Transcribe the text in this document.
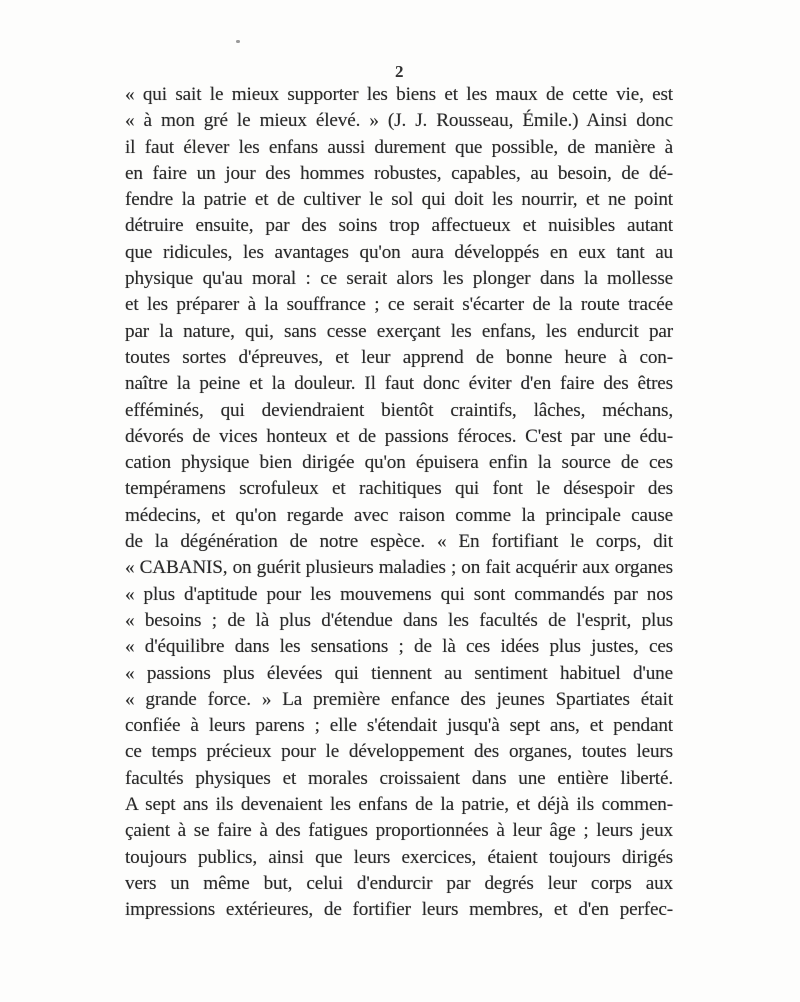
2
« qui sait le mieux supporter les biens et les maux de cette vie, est
« à mon gré le mieux élevé. » (J. J. Rousseau, Émile.) Ainsi donc
il faut élever les enfans aussi durement que possible, de manière à
en faire un jour des hommes robustes, capables, au besoin, de dé-
fendre la patrie et de cultiver le sol qui doit les nourrir, et ne point
détruire ensuite, par des soins trop affectueux et nuisibles autant
que ridicules, les avantages qu'on aura développés en eux tant au
physique qu'au moral : ce serait alors les plonger dans la mollesse
et les préparer à la souffrance ; ce serait s'écarter de la route tracée
par la nature, qui, sans cesse exerçant les enfans, les endurcit par
toutes sortes d'épreuves, et leur apprend de bonne heure à con-
naître la peine et la douleur. Il faut donc éviter d'en faire des êtres
efféminés, qui deviendraient bientôt craintifs, lâches, méchans,
dévorés de vices honteux et de passions féroces. C'est par une édu-
cation physique bien dirigée qu'on épuisera enfin la source de ces
tempéramens scrofuleux et rachitiques qui font le désespoir des
médecins, et qu'on regarde avec raison comme la principale cause
de la dégénération de notre espèce. « En fortifiant le corps, dit
« CABANIS, on guérit plusieurs maladies ; on fait acquérir aux organes
« plus d'aptitude pour les mouvemens qui sont commandés par nos
« besoins ; de là plus d'étendue dans les facultés de l'esprit, plus
« d'équilibre dans les sensations ; de là ces idées plus justes, ces
« passions plus élevées qui tiennent au sentiment habituel d'une
« grande force. » La première enfance des jeunes Spartiates était
confiée à leurs parens ; elle s'étendait jusqu'à sept ans, et pendant
ce temps précieux pour le développement des organes, toutes leurs
facultés physiques et morales croissaient dans une entière liberté.
A sept ans ils devenaient les enfans de la patrie, et déjà ils commen-
çaient à se faire à des fatigues proportionnées à leur âge ; leurs jeux
toujours publics, ainsi que leurs exercices, étaient toujours dirigés
vers un même but, celui d'endurcir par degrés leur corps aux
impressions extérieures, de fortifier leurs membres, et d'en perfec-
